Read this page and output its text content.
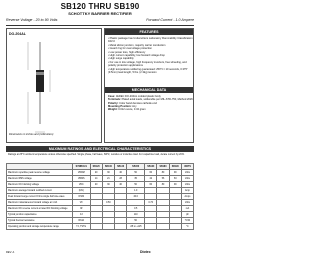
SB120 THRU SB190
SCHOTTKY BARRIER RECTIFIER
Reverse Voltage - 20 to 90 Volts	Forward Current - 1.0 Ampere
DO-204AL
Dimensions in inches and (millimeters)
FEATURES
• Plastic package has Underwriters Laboratory Flammability Classification 94V-0
• Metal silicon junction, majority carrier conduction
• Guard ring for overvoltage protection
• Low power loss, high efficiency
• High current capability, low forward voltage drop
• High surge capability
• For use in low voltage, high frequency inverters, free wheeling, and polarity protection applications
• High temperature soldering guaranteed: 250°C / 10 seconds, 0.375" (9.5mm) lead length, 5 lbs. (2.3kg) tension
MECHANICAL DATA
Case: JEDEC DO-204AL molded plastic body
Terminals: Plated axial leads, solderable per MIL-STD-750, Method 2026
Polarity: Color band denotes cathode end
Mounting Position: Any
Weight: 0.012 ounce, 0.34 gram
MAXIMUM RATINGS AND ELECTRICAL CHARACTERISTICS
Ratings at 25°C ambient temperature unless otherwise specified. Single phase, half wave, 60Hz, resistive or inductive load. For capacitive load, derate current by 20%.
	SYMBOLS	SB120	SB130	SB140	SB150	SB160	SB180	SB190	UNITS
Maximum repetitive peak reverse voltage	VRRM	20	30	40	50	60	80	90	Volts
Maximum RMS voltage	VRMS	14	21	28	35	42	56	63	Volts
Maximum DC blocking voltage	VDC	20	30	40	50	60	80	90	Volts
Maximum average forward rectified current	I(AV)				1.0				Amp
Peak forward surge current 8.3ms single half sine-wave	IFSM				40.0				Amps
Maximum instantaneous forward voltage at 1.0A	VF		0.50			0.70			Volts
Maximum DC reverse current at rated DC blocking voltage	IR				0.5				mA
Typical junction capacitance	CJ				110				pF
Typical thermal resistance	RθJA				50				°C/W
Operating junction and storage temperature range	TJ, TSTG				-65 to +125				°C
REV: A	Diotec
